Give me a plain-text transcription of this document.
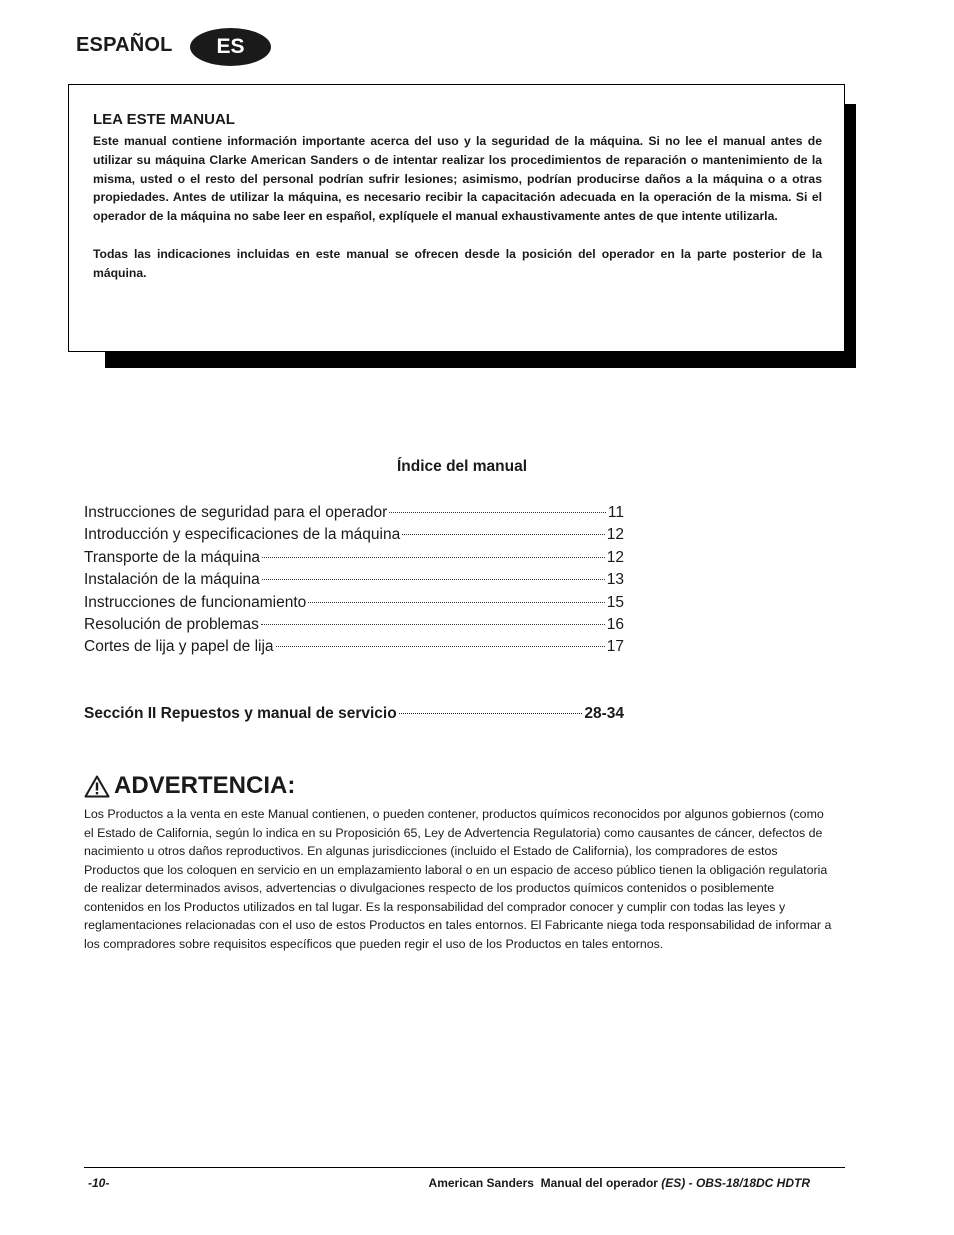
ESPAÑOL	ES
LEA ESTE MANUAL

Este manual contiene información importante acerca del uso y la seguridad de la máquina. Si no lee el manual antes de utilizar su máquina Clarke American Sanders o de intentar realizar los procedimientos de reparación o mantenimiento de la misma, usted o el resto del personal podrían sufrir lesiones; asimismo, podrían producirse daños a la máquina o a otras propiedades. Antes de utilizar la máquina, es necesario recibir la capacitación adecuada en la operación de la misma. Si el operador de la máquina no sabe leer en español, explíquele el manual exhaustivamente antes de que intente utilizarla.

Todas las indicaciones incluidas en este manual se ofrecen desde la posición del operador en la parte posterior de la máquina.

Índice del manual
Instrucciones de seguridad para el operador	11
Introducción y especificaciones de la máquina	12
Transporte de la máquina	12
Instalación de la máquina	13
Instrucciones de funcionamiento	15
Resolución de problemas	16
Cortes de lija y papel de lija	17
Sección II Repuestos y manual de servicio	28-34
ADVERTENCIA:

Los Productos a la venta en este Manual contienen, o pueden contener, productos químicos reconocidos por algunos gobiernos (como el Estado de California, según lo indica en su Proposición 65, Ley de Advertencia Regulatoria) como causantes de cáncer, defectos de nacimiento u otros daños reproductivos. En algunas jurisdicciones (incluido el Estado de California), los compradores de estos Productos que los coloquen en servicio en un emplazamiento laboral o en un espacio de acceso público tienen la obligación regulatoria de realizar determinados avisos, advertencias o divulgaciones respecto de los productos químicos contenidos o posiblemente contenidos en los Productos utilizados en tal lugar. Es la responsabilidad del comprador conocer y cumplir con todas las leyes y reglamentaciones relacionadas con el uso de estos Productos en tales entornos. El Fabricante niega toda responsabilidad de informar a los compradores sobre requisitos específicos que pueden regir el uso de los Productos en tales entornos.

-10-	American Sanders Manual del operador (ES) - OBS-18/18DC HDTR
